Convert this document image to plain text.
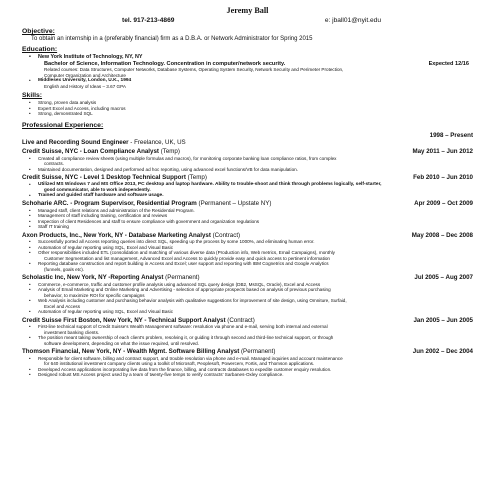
Jeremy Ball
tel. 917-213-4869	e: jball01@nyit.edu
Objective:
To obtain an internship in a (preferably financial) firm as a D.B.A. or Network Administrator for Spring 2015
Education:
• New York Institute of Technology, NY, NY
Bachelor of Science, Information Technology. Concentration in computer/network security.	Expected 12/16
Related courses: Data Structures, Computer Networks, Database Systems, Operating System Security, Network Security and Perimeter Protection,
Computer Organization and Architecture
• Middlesex University, London, U.K., 1994
English and History of Ideas – 3.67 GPA
Skills:
• Strong, proven data analysis
• Expert Excel and Access, including macros
• Strong, demonstrated SQL
Professional Experience:
1998 – Present
Live and Recording Sound Engineer - Freelance, UK, US
Credit Suisse, NYC - Loan Compliance Analyst (Temp)	May 2011 – Jun 2012
• Created all compliance review sheets (using multiple formulas and macros), for monitoring corporate banking loan compliance ratios, from complex
contracts.
• Maintained documentation, designed and performed ad hoc reporting, using advanced excel functions/VB for data manipulation.
Credit Suisse, NYC - Level 1 Desktop Technical Support (Temp)	Feb 2010 – Jun 2010
• Utilized MS Windows 7 and MS Office 2013, PC desktop and laptop hardware. Ability to trouble-shoot and think through problems logically, self-starter,
good communicator, able to work independently.
• Trained and guided staff hardware and software usage.
Schoharie ARC. - Program Supervisor, Residential Program (Permanent – Upstate NY)	Apr 2009 – Oct 2009
• Managed staff, client relations and administration of the Residential Program.
• Management of staff including training, certification and reviews
• Inspection of client Residences and staff to ensure compliance with government and organization regulations
• Staff IT training
Axon Products, Inc., New York, NY - Database Marketing Analyst (Contract)	May 2008 – Dec 2008
• Successfully ported all Access reporting queries into direct SQL, speeding up the process by some 1000%, and eliminating human error.
• Automation of regular reporting using SQL, Excel and Visual Basic
• Other responsibilities included ETL (consolidation and matching of various diverse data (Production info, Web metrics, Email Campaigns), monthly
Customer Segmentation and list management, Advanced Excel and Access to quickly provide easy and quick access to pertinent information
• Reporting database construction and report building in Access and Excel; user support and reporting with IBM Cognetrics and Google Analytics
(funnels, goals etc).
Scholastic Inc, New York, NY -Reporting Analyst (Permanent)	Jul 2005 – Aug 2007
• Commerce, e-commerce, traffic and customer profile analysis using advanced SQL query design (DB2, MsSQL, Oracle), Excel and Access
• Analysis of Email Marketing and Online Marketing and Advertising - selection of appropriate prospects based on analysis of previous purchasing
behavior, to maximize ROI for specific campaigns
• Web Analysis including customer and purchasing behavior analysis with qualitative suggestions for improvement of site design, using Omniture, Surfaid,
Excel and Access
• Automation of regular reporting using SQL, Excel and Visual Basic
Credit Suisse First Boston, New York, NY - Technical Support Analyst (Contract)	Jan 2005 – Jun 2005
• First-line technical support of Credit Suisse's Wealth Management software: resolution via phone and e-mail, serving both internal and external
investment banking clients.
• The position meant taking ownership of each client's problem, resolving it, or guiding it through second and third-line technical support, or through
software development, depending on what the issue required, until resolved.
Thomson Financial, New York, NY - Wealth Mgmt. Software Billing Analyst (Permanent)	Jun 2002 – Dec 2004
• Responsible for client software, billing and contract support, and trouble resolution via phone and e-mail. Managed inquiries and account maintenance
for 640 institutional investment company clients using a toolkit of Microsoft, Peoplesoft, Powercerv, Fortis, and Thomson applications.
• Developed Access applications incorporating live data from the finance, billing, and contracts databases to expedite customer enquiry resolution.
• Designed robust MS Access project used by a team of twenty-five temps to verify contracts' Sarbanes-Oxley compliance.
